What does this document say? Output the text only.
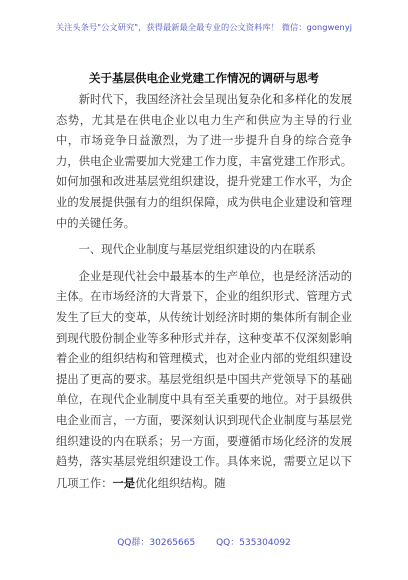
关注头条号"公文研究"，获得最新最全最专业的公文资料库！ 微信：gongwenyj
关于基层供电企业党建工作情况的调研与思考

新时代下，我国经济社会呈现出复杂化和多样化的发展态势，尤其是在供电企业以电力生产和供应为主导的行业中，市场竞争日益激烈，为了进一步提升自身的综合竞争力，供电企业需要加大党建工作力度，丰富党建工作形式。如何加强和改进基层党组织建设，提升党建工作水平，为企业的发展提供强有力的组织保障，成为供电企业建设和管理中的关键任务。

一、现代企业制度与基层党组织建设的内在联系

企业是现代社会中最基本的生产单位，也是经济活动的主体。在市场经济的大背景下，企业的组织形式、管理方式发生了巨大的变革，从传统计划经济时期的集体所有制企业到现代股份制企业等多种形式并存，这种变革不仅深刻影响着企业的组织结构和管理模式，也对企业内部的党组织建设提出了更高的要求。基层党组织是中国共产党领导下的基础单位，在现代企业制度中具有至关重要的地位。对于县级供电企业而言，一方面，要深刻认识到现代企业制度与基层党组织建设的内在联系；另一方面，要遵循市场化经济的发展趋势，落实基层党组织建设工作。具体来说，需要立足以下几项工作：一是优化组织结构。随

QQ群：30265665 QQ：535304092
